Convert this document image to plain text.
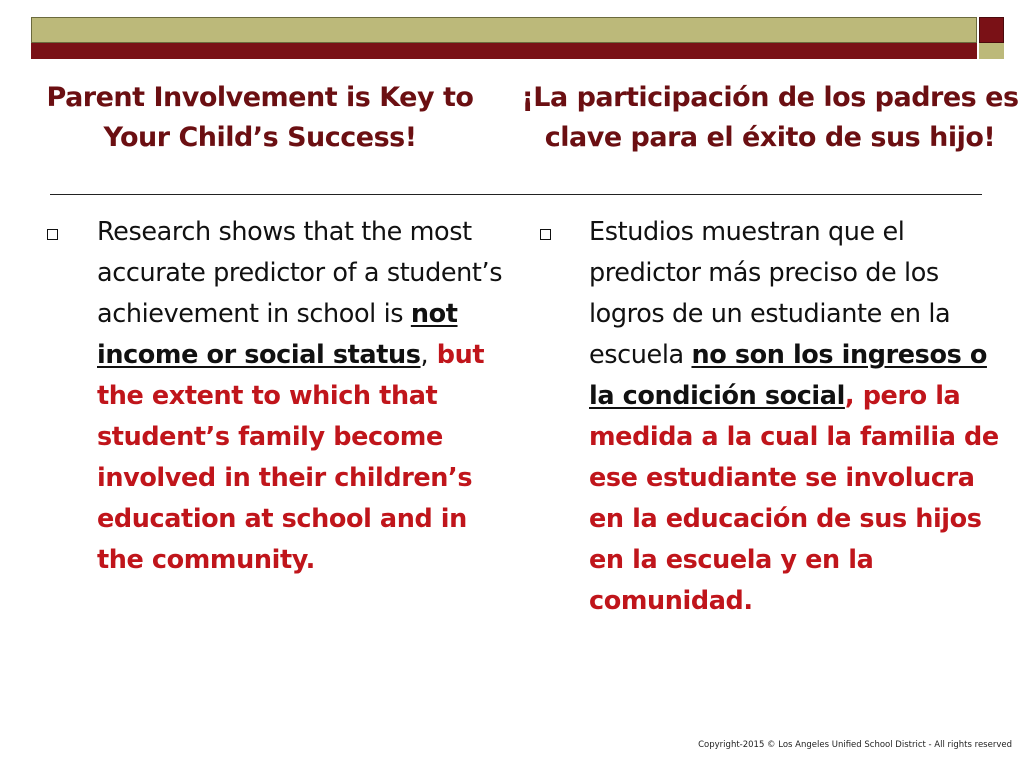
Parent Involvement is Key to Your Child’s Success!
¡La participación de los padres es clave para el éxito de sus hijo!
Research shows that the most accurate predictor of a student’s achievement in school is not income or social status, but the extent to which that student’s family become involved in their children’s education at school and in the community.
Estudios muestran que el predictor más preciso de los logros de un estudiante en la escuela no son los ingresos o la condición social, pero la medida a la cual la familia de ese estudiante se involucra en la educación de sus hijos en la escuela y en la comunidad.
Copyright-2015 © Los Angeles Unified School District - All rights reserved
